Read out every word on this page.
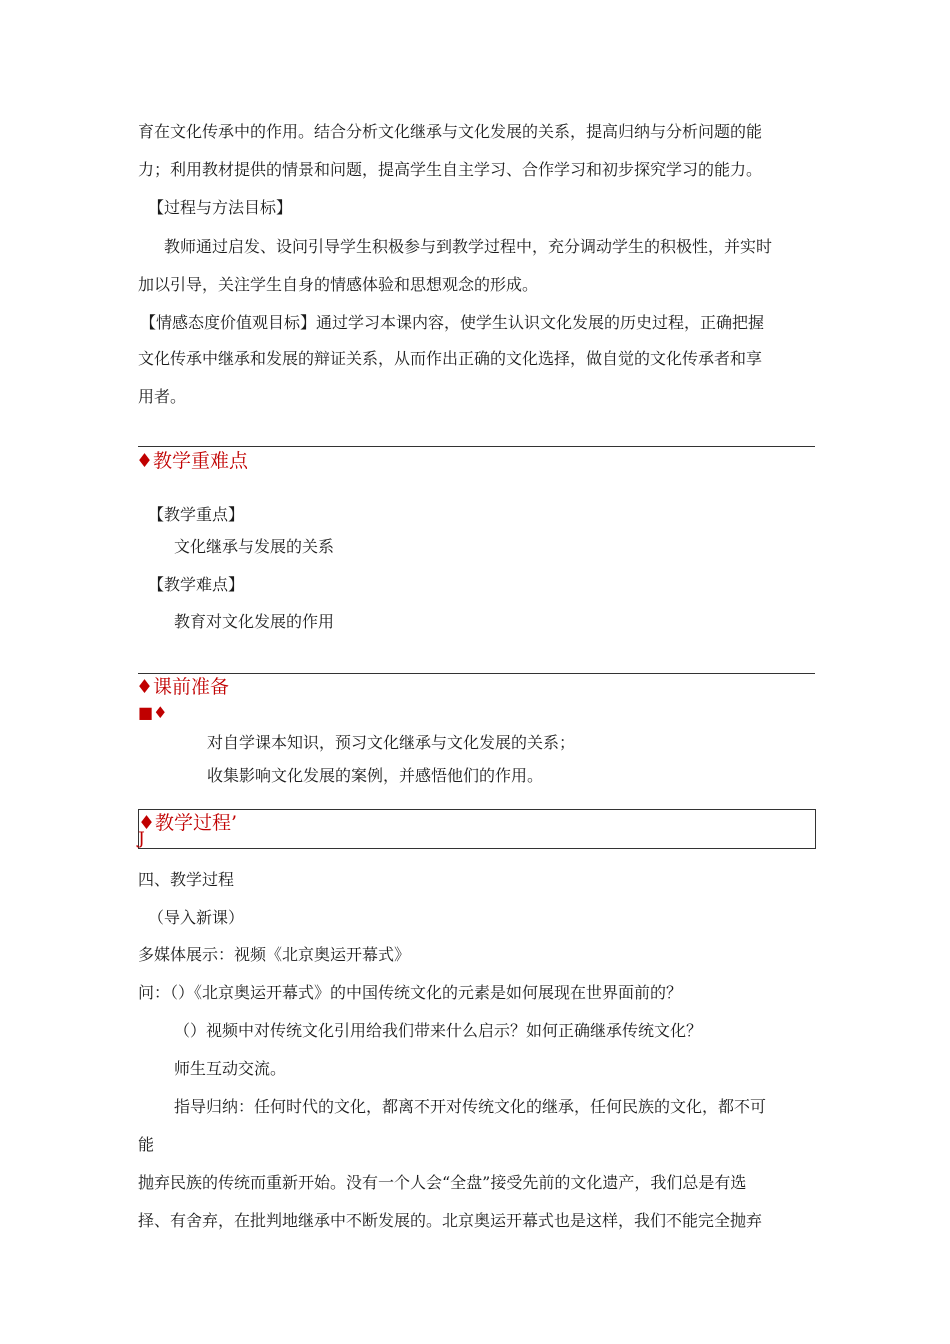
育在文化传承中的作用。结合分析文化继承与文化发展的关系，提高归纳与分析问题的能

力；利用教材提供的情景和问题，提高学生自主学习、合作学习和初步探究学习的能力。

【过程与方法目标】

教师通过启发、设问引导学生积极参与到教学过程中，充分调动学生的积极性，并实时

加以引导，关注学生自身的情感体验和思想观念的形成。

【情感态度价值观目标】通过学习本课内容，使学生认识文化发展的历史过程，正确把握

文化传承中继承和发展的辩证关系，从而作出正确的文化选择，做自觉的文化传承者和享

用者。

♦教学重难点

【教学重点】

文化继承与发展的关系

【教学难点】

教育对文化发展的作用

♦课前准备

■♦

对自学课本知识，预习文化继承与文化发展的关系；

收集影响文化发展的案例，并感悟他们的作用。

♦教学过程’

J

四、教学过程

（导入新课）

多媒体展示：视频《北京奥运开幕式》

问：（）《北京奥运开幕式》的中国传统文化的元素是如何展现在世界面前的？

（）视频中对传统文化引用给我们带来什么启示？如何正确继承传统文化？

师生互动交流。

指导归纳：任何时代的文化，都离不开对传统文化的继承，任何民族的文化，都不可

能

抛弃民族的传统而重新开始。没有一个人会“全盘”接受先前的文化遗产，我们总是有选

择、有舍弃，在批判地继承中不断发展的。北京奥运开幕式也是这样，我们不能完全抛弃
